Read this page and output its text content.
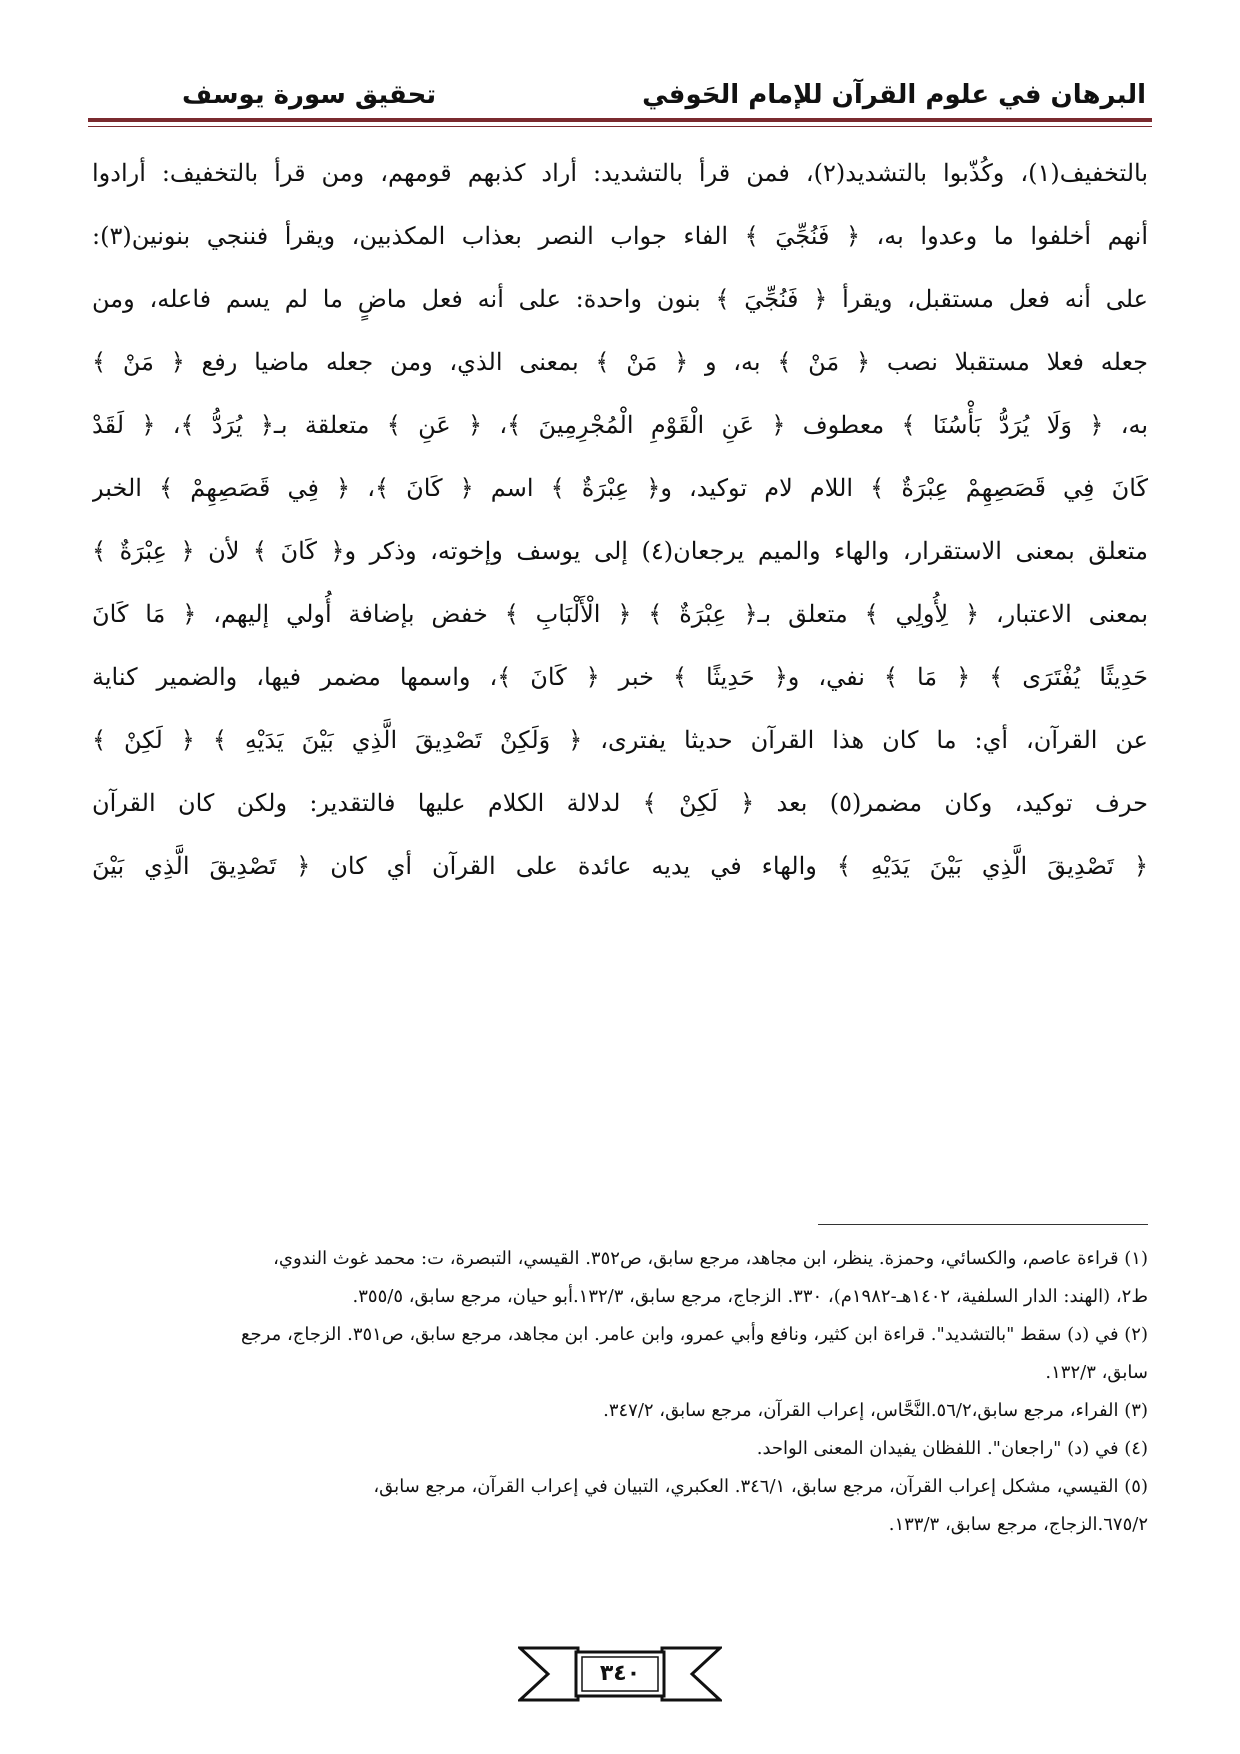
البرهان في علوم القرآن للإمام الحَوفي
تحقيق سورة يوسف
بالتخفيف(١)، وكُذّبوا بالتشديد(٢)، فمن قرأ بالتشديد: أراد كذبهم قومهم، ومن قرأ بالتخفيف: أرادوا
أنهم أخلفوا ما وعدوا به، ﴿ فَنُجِّيَ ﴾ الفاء جواب النصر بعذاب المكذبين، ويقرأ فننجي بنونين(٣):
على أنه فعل مستقبل، ويقرأ ﴿ فَنُجِّيَ ﴾ بنون واحدة: على أنه فعل ماضٍ ما لم يسم فاعله، ومن
جعله فعلا مستقبلا نصب ﴿ مَنْ ﴾ به، و ﴿ مَنْ ﴾ بمعنى الذي، ومن جعله ماضيا رفع ﴿ مَنْ ﴾
به، ﴿ وَلَا يُرَدُّ بَأْسُنَا ﴾ معطوف ﴿ عَنِ الْقَوْمِ الْمُجْرِمِينَ ﴾، ﴿ عَنِ ﴾ متعلقة بـ﴿ يُرَدُّ ﴾، ﴿ لَقَدْ
كَانَ فِي قَصَصِهِمْ عِبْرَةٌ ﴾ اللام لام توكيد، و﴿ عِبْرَةٌ ﴾ اسم ﴿ كَانَ ﴾، ﴿ فِي قَصَصِهِمْ ﴾ الخبر
متعلق بمعنى الاستقرار، والهاء والميم يرجعان(٤) إلى يوسف وإخوته، وذكر و﴿ كَانَ ﴾ لأن ﴿ عِبْرَةٌ ﴾
بمعنى الاعتبار، ﴿ لِأُولِي ﴾ متعلق بـ﴿ عِبْرَةٌ ﴾ ﴿ الْأَلْبَابِ ﴾ خفض بإضافة أُولي إليهم، ﴿ مَا كَانَ
حَدِيثًا يُفْتَرَى ﴾ ﴿ مَا ﴾ نفي، و﴿ حَدِيثًا ﴾ خبر ﴿ كَانَ ﴾، واسمها مضمر فيها، والضمير كناية
عن القرآن، أي: ما كان هذا القرآن حديثا يفترى، ﴿ وَلَكِنْ تَصْدِيقَ الَّذِي بَيْنَ يَدَيْهِ ﴾ ﴿ لَكِنْ ﴾
حرف توكيد، وكان مضمر(٥) بعد ﴿ لَكِنْ ﴾ لدلالة الكلام عليها فالتقدير: ولكن كان القرآن
﴿ تَصْدِيقَ الَّذِي بَيْنَ يَدَيْهِ ﴾ والهاء في يديه عائدة على القرآن أي كان ﴿ تَصْدِيقَ الَّذِي بَيْنَ
(١) قراءة عاصم، والكسائي، وحمزة. ينظر، ابن مجاهد، مرجع سابق، ص٣٥٢. القيسي، التبصرة، ت: محمد غوث الندوي،
ط٢، (الهند: الدار السلفية، ١٤٠٢هـ-١٩٨٢م)، ٣٣٠. الزجاج، مرجع سابق، ١٣٢/٣.أبو حيان، مرجع سابق، ٣٥٥/٥.
(٢) في (د) سقط "بالتشديد". قراءة ابن كثير، ونافع وأبي عمرو، وابن عامر. ابن مجاهد، مرجع سابق، ص٣٥١. الزجاج، مرجع
سابق، ١٣٢/٣.
(٣) الفراء، مرجع سابق،٥٦/٢.النَّحَّاس، إعراب القرآن، مرجع سابق، ٣٤٧/٢.
(٤) في (د) "راجعان". اللفظان يفيدان المعنى الواحد.
(٥) القيسي، مشكل إعراب القرآن، مرجع سابق، ٣٤٦/١. العكبري، التبيان في إعراب القرآن، مرجع سابق،
٦٧٥/٢.الزجاج، مرجع سابق، ١٣٣/٣.
٣٤٠
